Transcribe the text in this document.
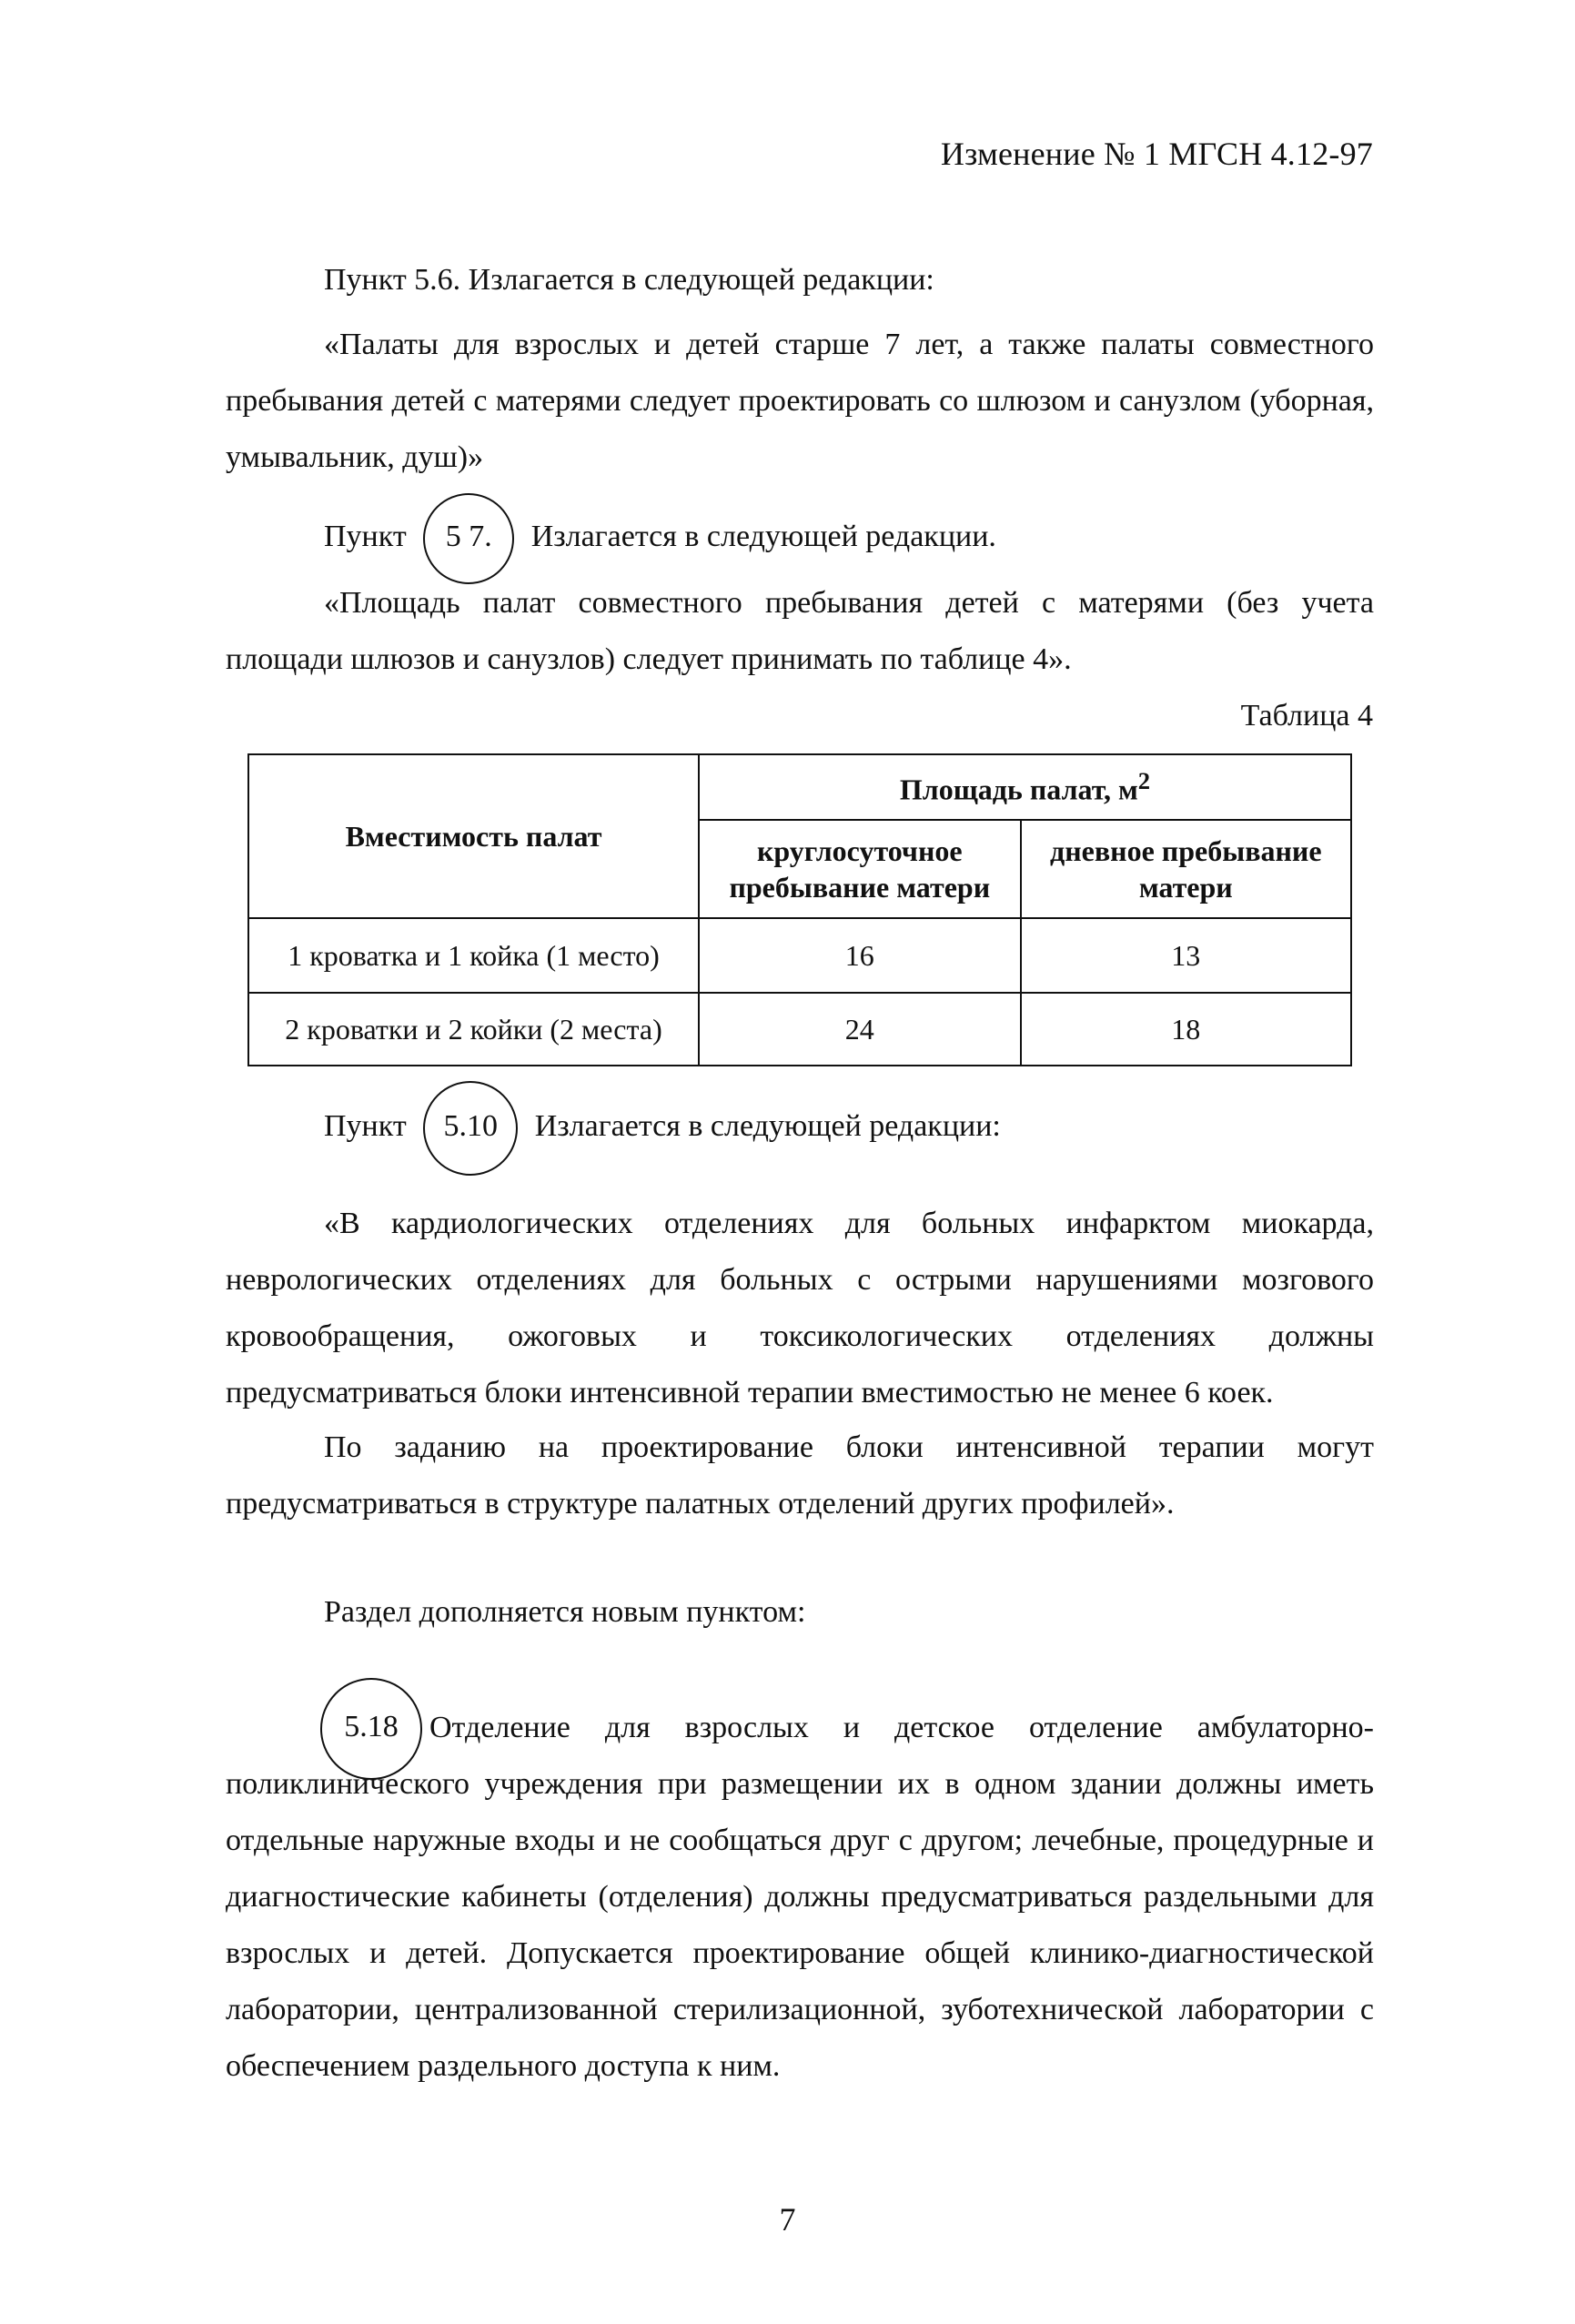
Изменение № 1 МГСН 4.12-97
Пункт 5.6. Излагается в следующей редакции:
«Палаты для взрослых и детей старше 7 лет, а также палаты совместного пребывания детей с матерями следует проектировать со шлюзом и санузлом (уборная, умывальник, душ)»
Пункт 5 7. Излагается в следующей редакции.
«Площадь палат совместного пребывания детей с матерями (без учета площади шлюзов и санузлов) следует принимать по таблице 4».
Таблица 4
Вместимость палат	Площадь палат, $м^2$
	круглосуточное пребывание матери	дневное пребывание матери
1 кроватка и 1 койка (1 место)	16	13
2 кроватки и 2 койки (2 места)	24	18
Пункт 5.10 Излагается в следующей редакции:
«В кардиологических отделениях для больных инфарктом миокарда, неврологических отделениях для больных с острыми нарушениями мозгового кровообращения, ожоговых и токсикологических отделениях должны предусматриваться блоки интенсивной терапии вместимостью не менее 6 коек.
По заданию на проектирование блоки интенсивной терапии могут предусматриваться в структуре палатных отделений других профилей».
Раздел дополняется новым пунктом:
5.18	Отделение для взрослых и детское отделение амбулаторно-поликлинического учреждения при размещении их в одном здании должны иметь отдельные наружные входы и не сообщаться друг с другом; лечебные, процедурные и диагностические кабинеты (отделения) должны предусматриваться раздельными для взрослых и детей. Допускается проектирование общей клинико-диагностической лаборатории, централизованной стерилизационной, зуботехнической лаборатории с обеспечением раздельного доступа к ним.
7
